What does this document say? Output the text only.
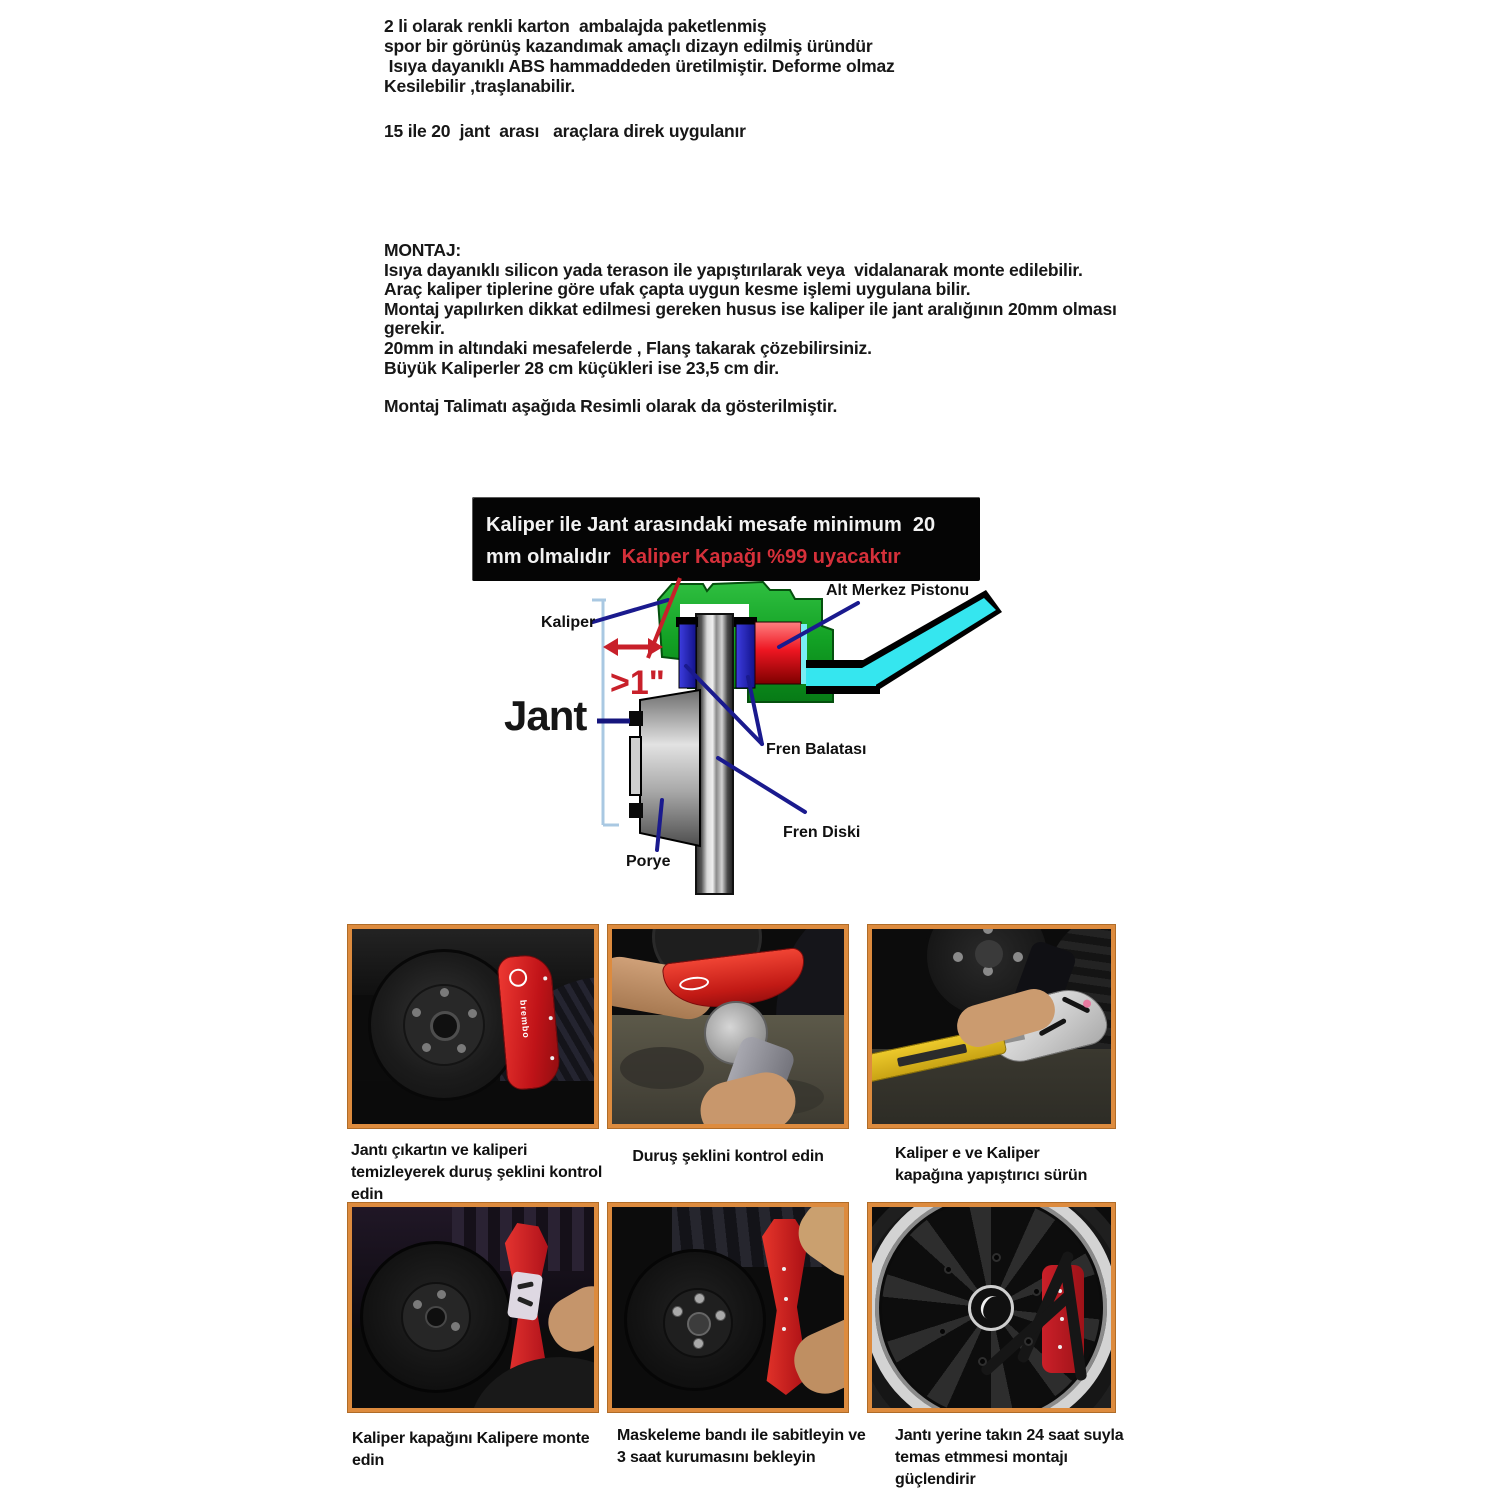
2 li olarak renkli karton  ambalajda paketlenmiş
spor bir görünüş kazandımak amaçlı dizayn edilmiş üründür
Isıya dayanıklı ABS hammaddeden üretilmiştir. Deforme olmaz
Kesilebilir ,traşlanabilir.
15 ile 20  jant  arası   araçlara direk uygulanır
MONTAJ:
Isıya dayanıklı silicon yada terason ile yapıştırılarak veya  vidalanarak monte edilebilir.
Araç kaliper tiplerine göre ufak çapta uygun kesme işlemi uygulana bilir.
Montaj yapılırken dikkat edilmesi gereken husus ise kaliper ile jant aralığının 20mm olması
gerekir.
20mm in altındaki mesafelerde , Flanş takarak çözebilirsiniz.
Büyük Kaliperler 28 cm küçükleri ise 23,5 cm dir.
Montaj Talimatı aşağıda Resimli olarak da gösterilmiştir.
Kaliper ile Jant arasındaki mesafe minimum  20
mm olmalıdır  Kaliper Kapağı %99 uyacaktır
Kaliper
Alt Merkez Pistonu
Fren Balatası
Fren Diski
Porye
Jant
>1"
brembo
Jantı çıkartın ve kaliperi
temizleyerek duruş şeklini kontrol
edin
Duruş şeklini kontrol edin	Kaliper e ve Kaliper
kapağına yapıştırıcı sürün
Kaliper kapağını Kalipere monte
edin
Maskeleme bandı ile sabitleyin ve
3 saat kurumasını bekleyin
Jantı yerine takın 24 saat suyla
temas etmmesi montajı
güçlendirir
